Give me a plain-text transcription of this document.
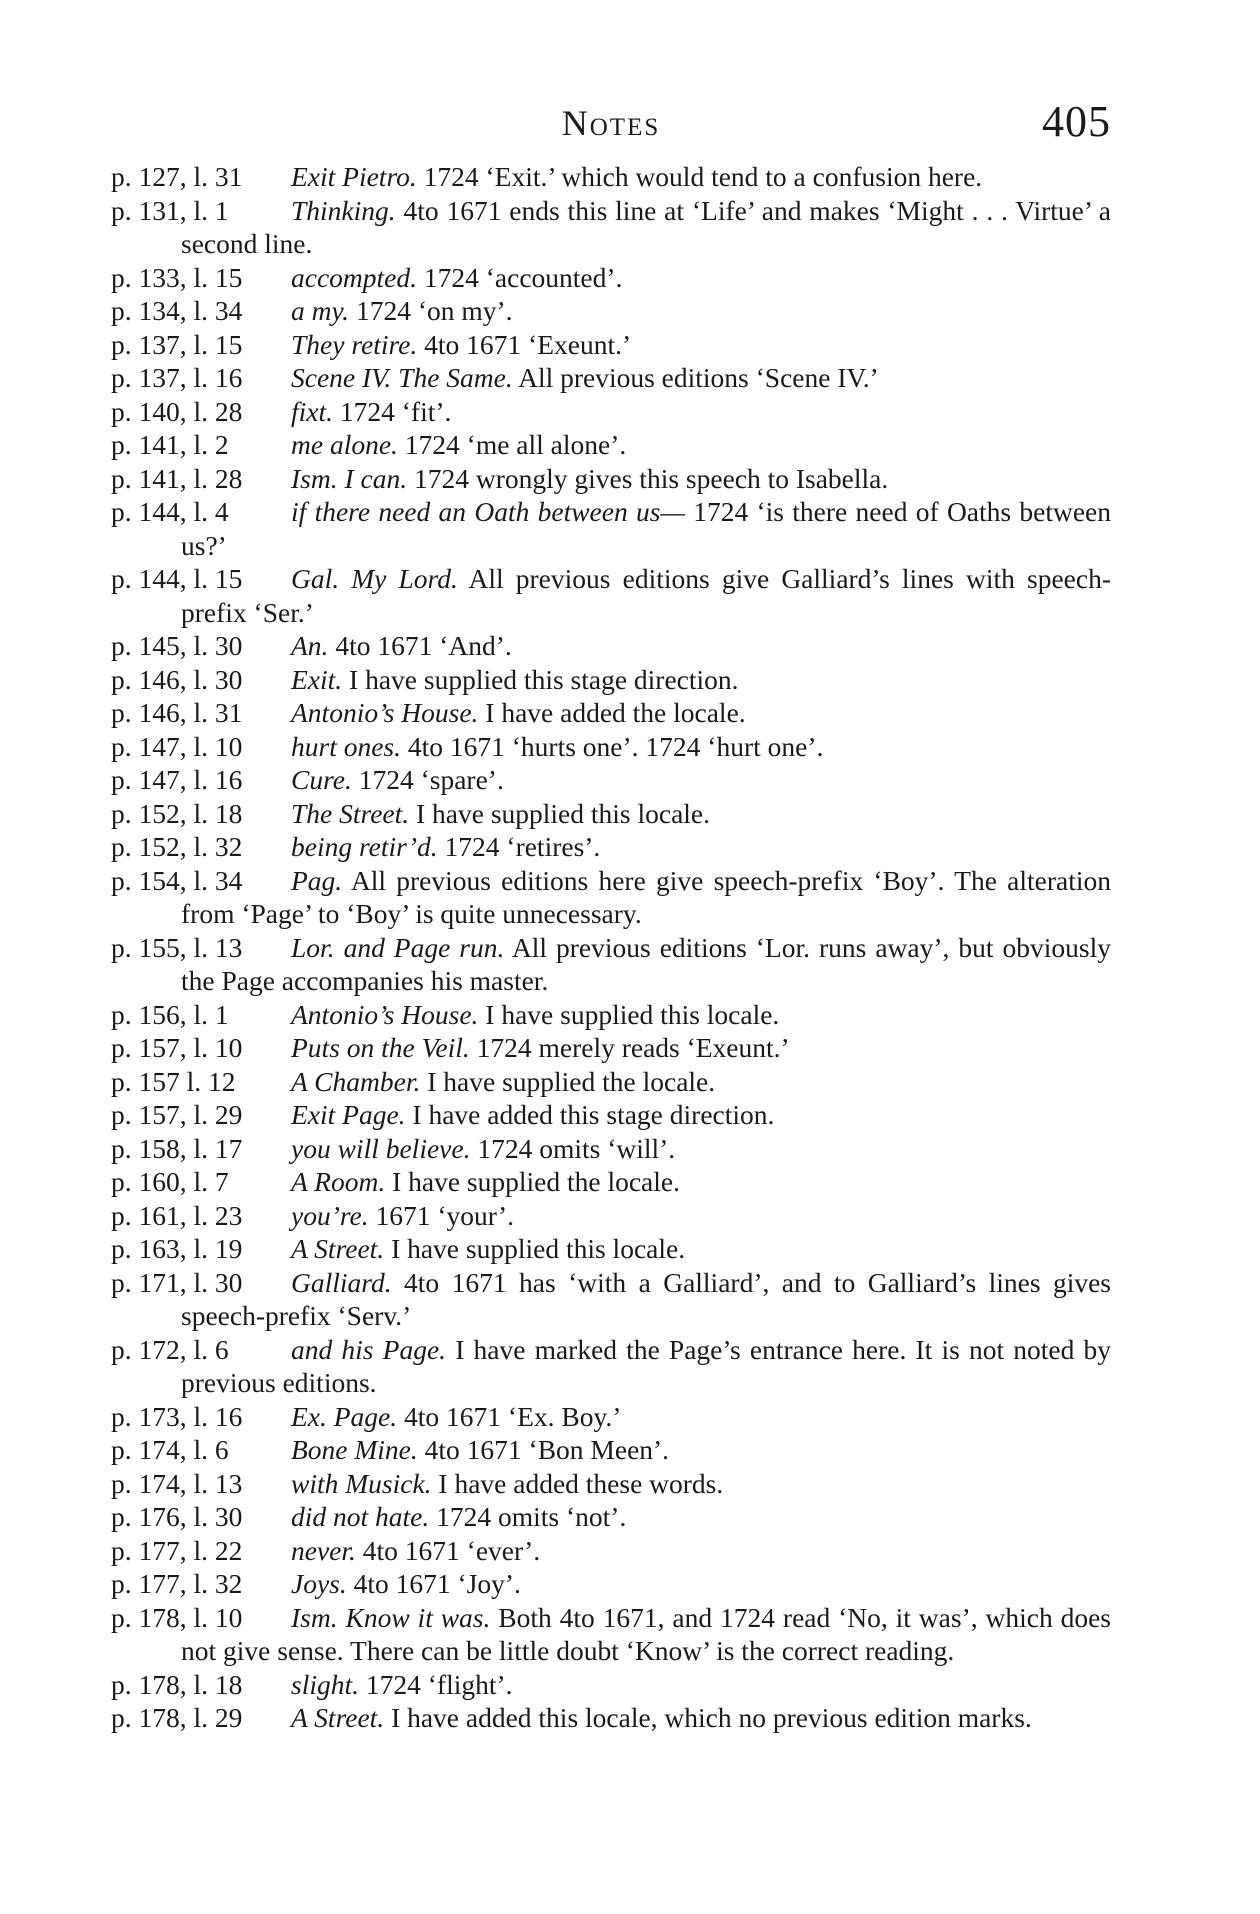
Notes	405
p. 127, l. 31 Exit Pietro. 1724 ‘Exit.’ which would tend to a confusion here.
p. 131, l. 1 Thinking. 4to 1671 ends this line at ‘Life’ and makes ‘Might . . . Virtue’ a second line.
p. 133, l. 15 accompted. 1724 ‘accounted’.
p. 134, l. 34 a my. 1724 ‘on my’.
p. 137, l. 15 They retire. 4to 1671 ‘Exeunt.’
p. 137, l. 16 Scene IV. The Same. All previous editions ‘Scene IV.’
p. 140, l. 28 fixt. 1724 ‘fit’.
p. 141, l. 2 me alone. 1724 ‘me all alone’.
p. 141, l. 28 Ism. I can. 1724 wrongly gives this speech to Isabella.
p. 144, l. 4 if there need an Oath between us— 1724 ‘is there need of Oaths between us?’
p. 144, l. 15 Gal. My Lord. All previous editions give Galliard’s lines with speech-prefix ‘Ser.’
p. 145, l. 30 An. 4to 1671 ‘And’.
p. 146, l. 30 Exit. I have supplied this stage direction.
p. 146, l. 31 Antonio’s House. I have added the locale.
p. 147, l. 10 hurt ones. 4to 1671 ‘hurts one’. 1724 ‘hurt one’.
p. 147, l. 16 Cure. 1724 ‘spare’.
p. 152, l. 18 The Street. I have supplied this locale.
p. 152, l. 32 being retir’d. 1724 ‘retires’.
p. 154, l. 34 Pag. All previous editions here give speech-prefix ‘Boy’. The alteration from ‘Page’ to ‘Boy’ is quite unnecessary.
p. 155, l. 13 Lor. and Page run. All previous editions ‘Lor. runs away’, but obviously the Page accompanies his master.
p. 156, l. 1 Antonio’s House. I have supplied this locale.
p. 157, l. 10 Puts on the Veil. 1724 merely reads ‘Exeunt.’
p. 157 l. 12 A Chamber. I have supplied the locale.
p. 157, l. 29 Exit Page. I have added this stage direction.
p. 158, l. 17 you will believe. 1724 omits ‘will’.
p. 160, l. 7 A Room. I have supplied the locale.
p. 161, l. 23 you’re. 1671 ‘your’.
p. 163, l. 19 A Street. I have supplied this locale.
p. 171, l. 30 Galliard. 4to 1671 has ‘with a Galliard’, and to Galliard’s lines gives speech-prefix ‘Serv.’
p. 172, l. 6 and his Page. I have marked the Page’s entrance here. It is not noted by previous editions.
p. 173, l. 16 Ex. Page. 4to 1671 ‘Ex. Boy.’
p. 174, l. 6 Bone Mine. 4to 1671 ‘Bon Meen’.
p. 174, l. 13 with Musick. I have added these words.
p. 176, l. 30 did not hate. 1724 omits ‘not’.
p. 177, l. 22 never. 4to 1671 ‘ever’.
p. 177, l. 32 Joys. 4to 1671 ‘Joy’.
p. 178, l. 10 Ism. Know it was. Both 4to 1671, and 1724 read ‘No, it was’, which does not give sense. There can be little doubt ‘Know’ is the correct reading.
p. 178, l. 18 slight. 1724 ‘flight’.
p. 178, l. 29 A Street. I have added this locale, which no previous edition marks.
